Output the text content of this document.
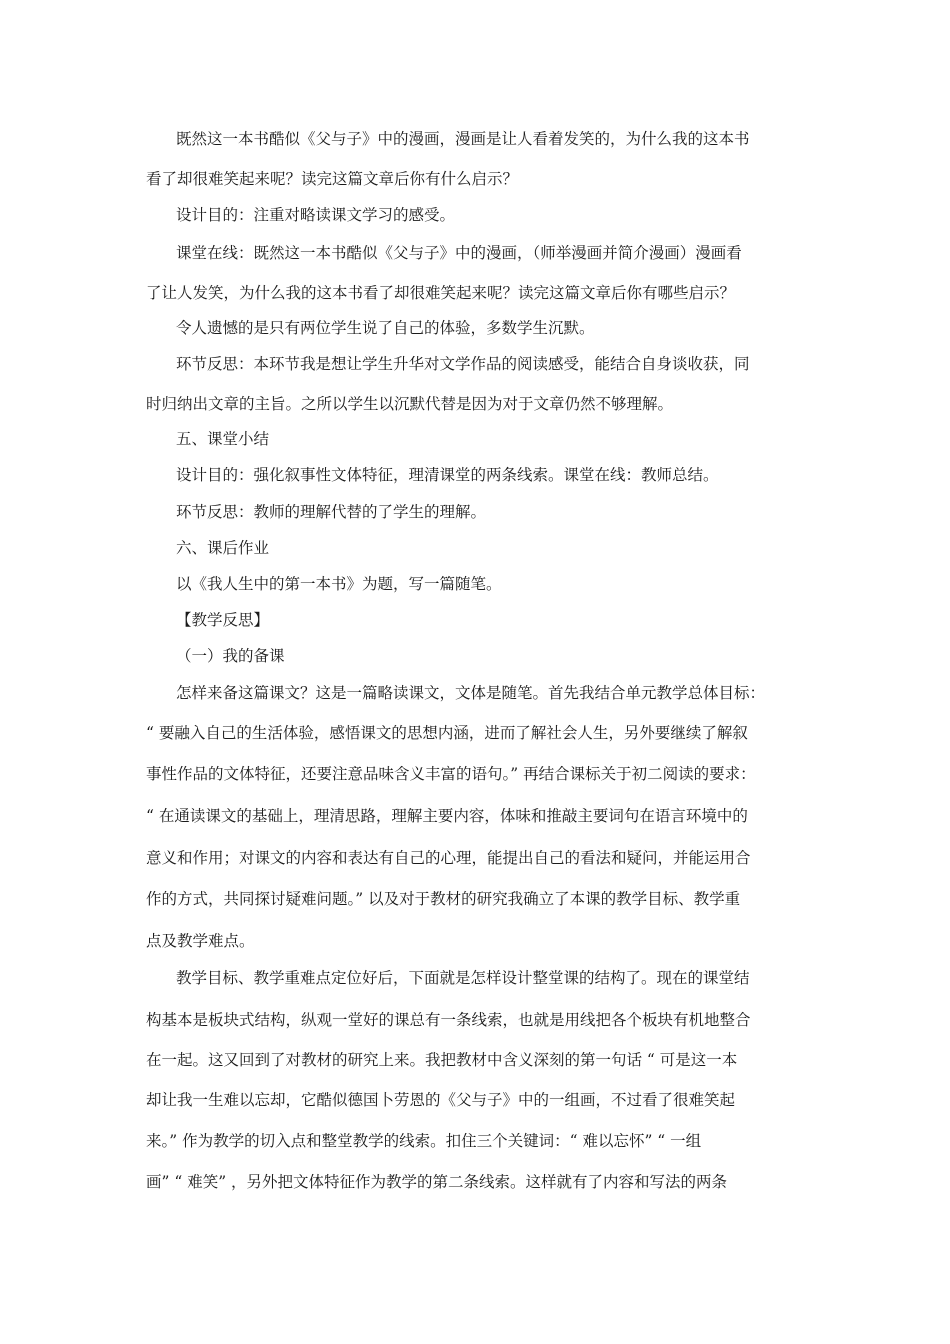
既然这一本书酷似《父与子》中的漫画，漫画是让人看着发笑的，为什么我的这本书
看了却很难笑起来呢？读完这篇文章后你有什么启示？
设计目的：注重对略读课文学习的感受。
课堂在线：既然这一本书酷似《父与子》中的漫画，（师举漫画并简介漫画）漫画看
了让人发笑，为什么我的这本书看了却很难笑起来呢？读完这篇文章后你有哪些启示？
令人遗憾的是只有两位学生说了自己的体验，多数学生沉默。
环节反思：本环节我是想让学生升华对文学作品的阅读感受，能结合自身谈收获，同
时归纳出文章的主旨。之所以学生以沉默代替是因为对于文章仍然不够理解。
五、课堂小结
设计目的：强化叙事性文体特征，理清课堂的两条线索。课堂在线：教师总结。
环节反思：教师的理解代替的了学生的理解。
六、课后作业
以《我人生中的第一本书》为题，写一篇随笔。
【教学反思】
（一）我的备课
怎样来备这篇课文？这是一篇略读课文，文体是随笔。首先我结合单元教学总体目标：
“ 要融入自己的生活体验，感悟课文的思想内涵，进而了解社会人生，另外要继续了解叙
事性作品的文体特征，还要注意品味含义丰富的语句。” 再结合课标关于初二阅读的要求：
“ 在通读课文的基础上，理清思路，理解主要内容，体味和推敲主要词句在语言环境中的
意义和作用；对课文的内容和表达有自己的心理，能提出自己的看法和疑问，并能运用合
作的方式，共同探讨疑难问题。” 以及对于教材的研究我确立了本课的教学目标、教学重
点及教学难点。
教学目标、教学重难点定位好后，下面就是怎样设计整堂课的结构了。现在的课堂结
构基本是板块式结构，纵观一堂好的课总有一条线索，也就是用线把各个板块有机地整合
在一起。这又回到了对教材的研究上来。我把教材中含义深刻的第一句话 “ 可是这一本
却让我一生难以忘却，它酷似德国卜劳恩的《父与子》中的一组画，不过看了很难笑起
来。” 作为教学的切入点和整堂教学的线索。扣住三个关键词：“ 难以忘怀” “ 一组
画” “ 难笑” ，另外把文体特征作为教学的第二条线索。这样就有了内容和写法的两条
